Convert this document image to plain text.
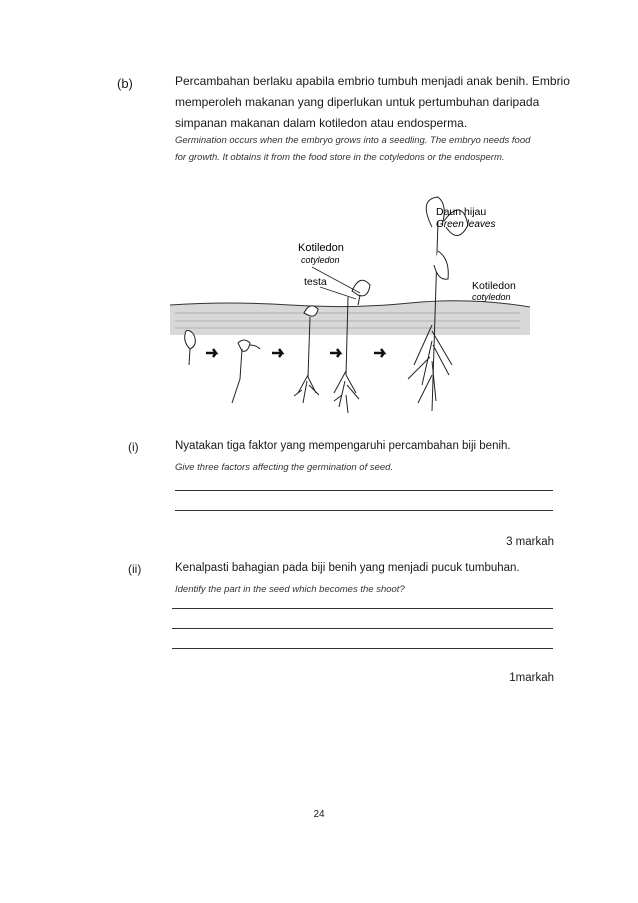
(b)	Percambahan berlaku apabila embrio tumbuh menjadi anak benih. Embrio
memperoleh makanan yang diperlukan untuk pertumbuhan daripada
simpanan makanan dalam kotiledon atau endosperma.
Germination occurs when the embryo grows into a seedling. The embryo needs food
for growth. It obtains it from the food store in the cotyledons or the endosperm.
Daun hijau
Green leaves
Kotiledon
cotyledon
testa	Kotiledon
cotyledon
(i)	Nyatakan tiga faktor yang mempengaruhi percambahan biji benih.
Give three factors affecting the germination of seed.
3 markah
(ii)	Kenalpasti bahagian pada biji benih yang menjadi pucuk tumbuhan.
Identify the part in the seed which becomes the shoot?
1markah
24
